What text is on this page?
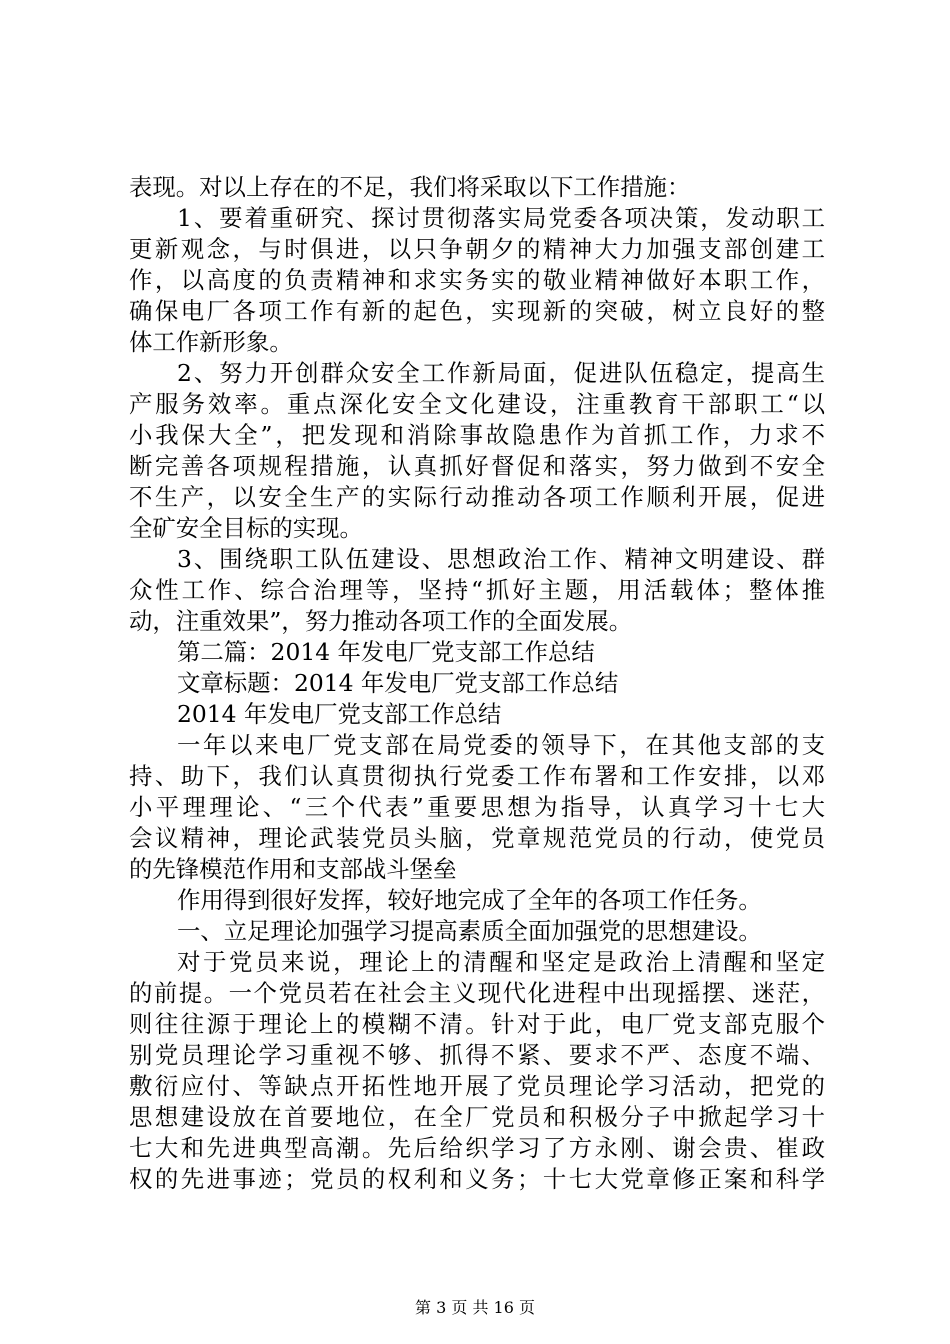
表现。对以上存在的不足，我们将采取以下工作措施：
1、要着重研究、探讨贯彻落实局党委各项决策，发动职工
更新观念，与时俱进，以只争朝夕的精神大力加强支部创建工
作，以高度的负责精神和求实务实的敬业精神做好本职工作，
确保电厂各项工作有新的起色，实现新的突破，树立良好的整
体工作新形象。
2、努力开创群众安全工作新局面，促进队伍稳定，提高生
产服务效率。重点深化安全文化建设，注重教育干部职工“以
小我保大全”，把发现和消除事故隐患作为首抓工作，力求不
断完善各项规程措施，认真抓好督促和落实，努力做到不安全
不生产，以安全生产的实际行动推动各项工作顺利开展，促进
全矿安全目标的实现。
3、围绕职工队伍建设、思想政治工作、精神文明建设、群
众性工作、综合治理等，坚持“抓好主题，用活载体；整体推
动，注重效果”，努力推动各项工作的全面发展。
第二篇：2014 年发电厂党支部工作总结
文章标题：2014 年发电厂党支部工作总结
2014 年发电厂党支部工作总结
一年以来电厂党支部在局党委的领导下，在其他支部的支
持、助下，我们认真贯彻执行党委工作布署和工作安排，以邓
小平理理论、“三个代表”重要思想为指导，认真学习十七大
会议精神，理论武装党员头脑，党章规范党员的行动，使党员
的先锋模范作用和支部战斗堡垒
作用得到很好发挥，较好地完成了全年的各项工作任务。
一、立足理论加强学习提高素质全面加强党的思想建设。
对于党员来说，理论上的清醒和坚定是政治上清醒和坚定
的前提。一个党员若在社会主义现代化进程中出现摇摆、迷茫，
则往往源于理论上的模糊不清。针对于此，电厂党支部克服个
别党员理论学习重视不够、抓得不紧、要求不严、态度不端、
敷衍应付、等缺点开拓性地开展了党员理论学习活动，把党的
思想建设放在首要地位，在全厂党员和积极分子中掀起学习十
七大和先进典型高潮。先后给织学习了方永刚、谢会贵、崔政
权的先进事迹；党员的权利和义务；十七大党章修正案和科学
第 3 页 共 16 页
